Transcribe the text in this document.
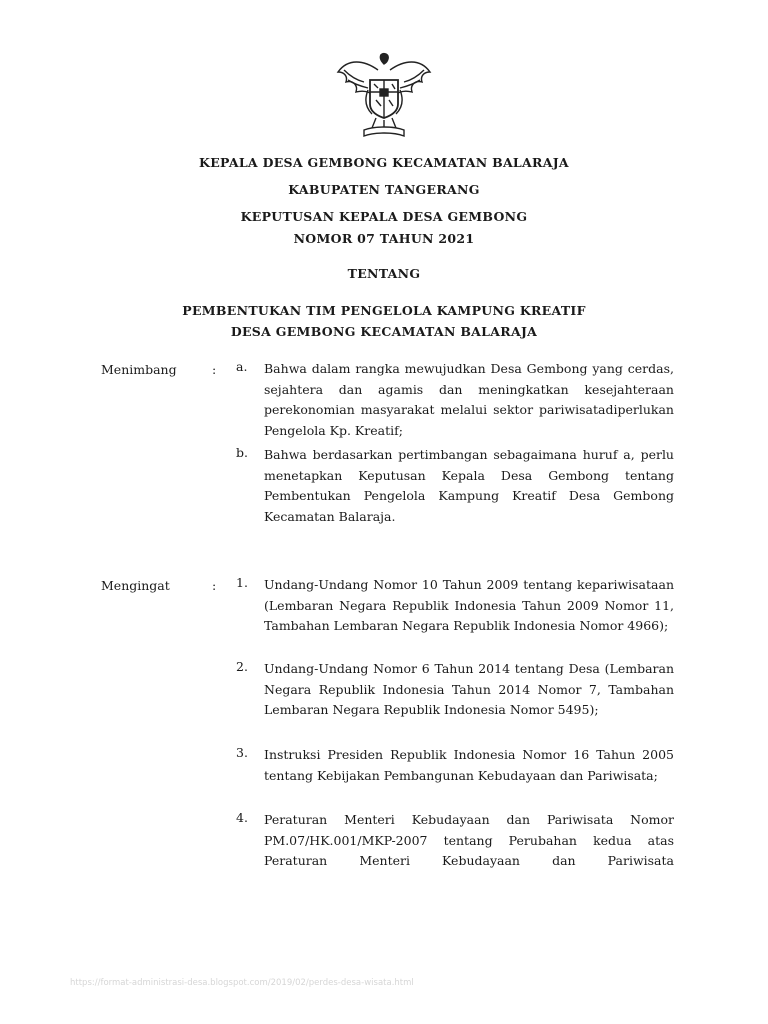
KEPALA DESA GEMBONG KECAMATAN BALARAJA
KABUPATEN TANGERANG
KEPUTUSAN KEPALA DESA GEMBONG
NOMOR 07 TAHUN 2021
TENTANG
PEMBENTUKAN TIM PENGELOLA KAMPUNG KREATIF
DESA GEMBONG KECAMATAN BALARAJA
Menimbang	: a.	Bahwa dalam rangka mewujudkan Desa Gembong yang cerdas, sejahtera dan agamis dan meningkatkan kesejahteraan perekonomian masyarakat melalui sektor pariwisatadiperlukan Pengelola Kp. Kreatif;
b.	Bahwa berdasarkan pertimbangan sebagaimana huruf a, perlu menetapkan Keputusan Kepala Desa Gembong tentang Pembentukan Pengelola Kampung Kreatif Desa Gembong Kecamatan Balaraja.
Mengingat	: 1.	Undang-Undang Nomor 10 Tahun 2009 tentang kepariwisataan (Lembaran Negara Republik Indonesia Tahun 2009 Nomor 11, Tambahan Lembaran Negara Republik Indonesia Nomor 4966);
2.	Undang-Undang Nomor 6 Tahun 2014 tentang Desa (Lembaran Negara Republik Indonesia Tahun 2014 Nomor 7, Tambahan Lembaran Negara Republik Indonesia Nomor 5495);
3.	Instruksi Presiden Republik Indonesia Nomor 16 Tahun 2005 tentang Kebijakan Pembangunan Kebudayaan dan Pariwisata;
4.	Peraturan Menteri Kebudayaan dan Pariwisata Nomor PM.07/HK.001/MKP-2007 tentang Perubahan kedua atas Peraturan Menteri Kebudayaan dan Pariwisata
https://format-administrasi-desa.blogspot.com/2019/02/perdes-desa-wisata.html
